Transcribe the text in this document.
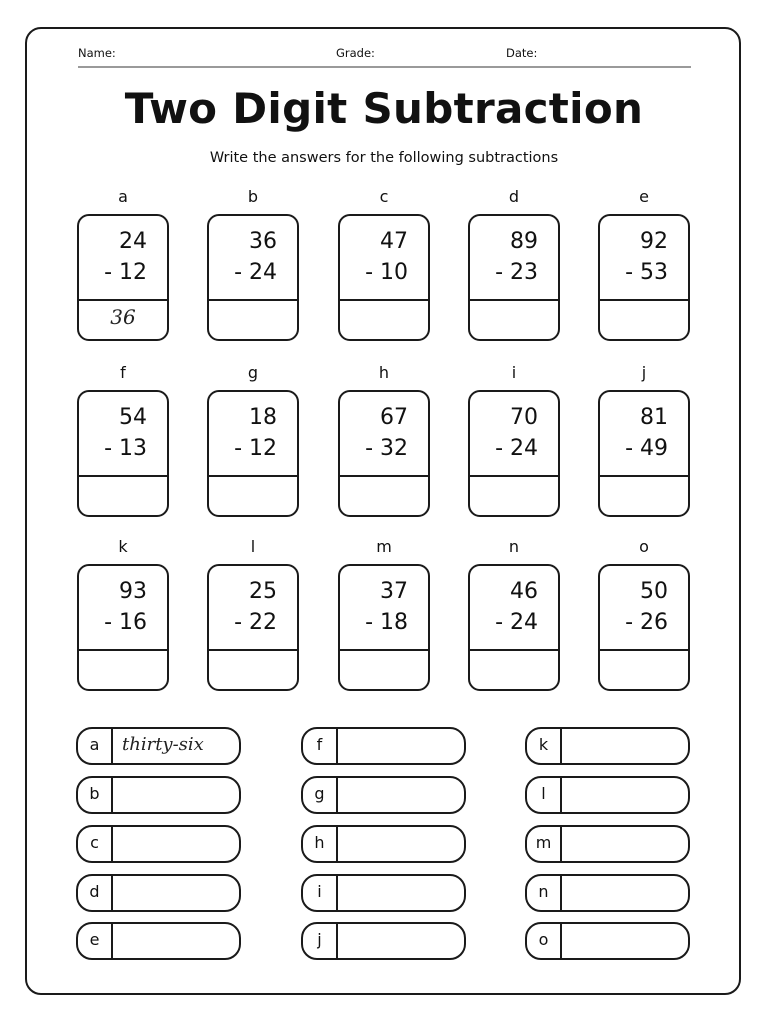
Name:	Grade:	Date:
Two Digit Subtraction
Write the answers for the following subtractions
a
24
- 12
36
b
36
- 24
c
47
- 10
d
89
- 23
e
92
- 53
f
54
- 13
g
18
- 12
h
67
- 32
i
70
- 24
j
81
- 49
k
93
- 16
l
25
- 22
m
37
- 18
n
46
- 24
o
50
- 26
a	thirty-six
b
c
d
e
f
g
h
i
j
k
l
m
n
o
